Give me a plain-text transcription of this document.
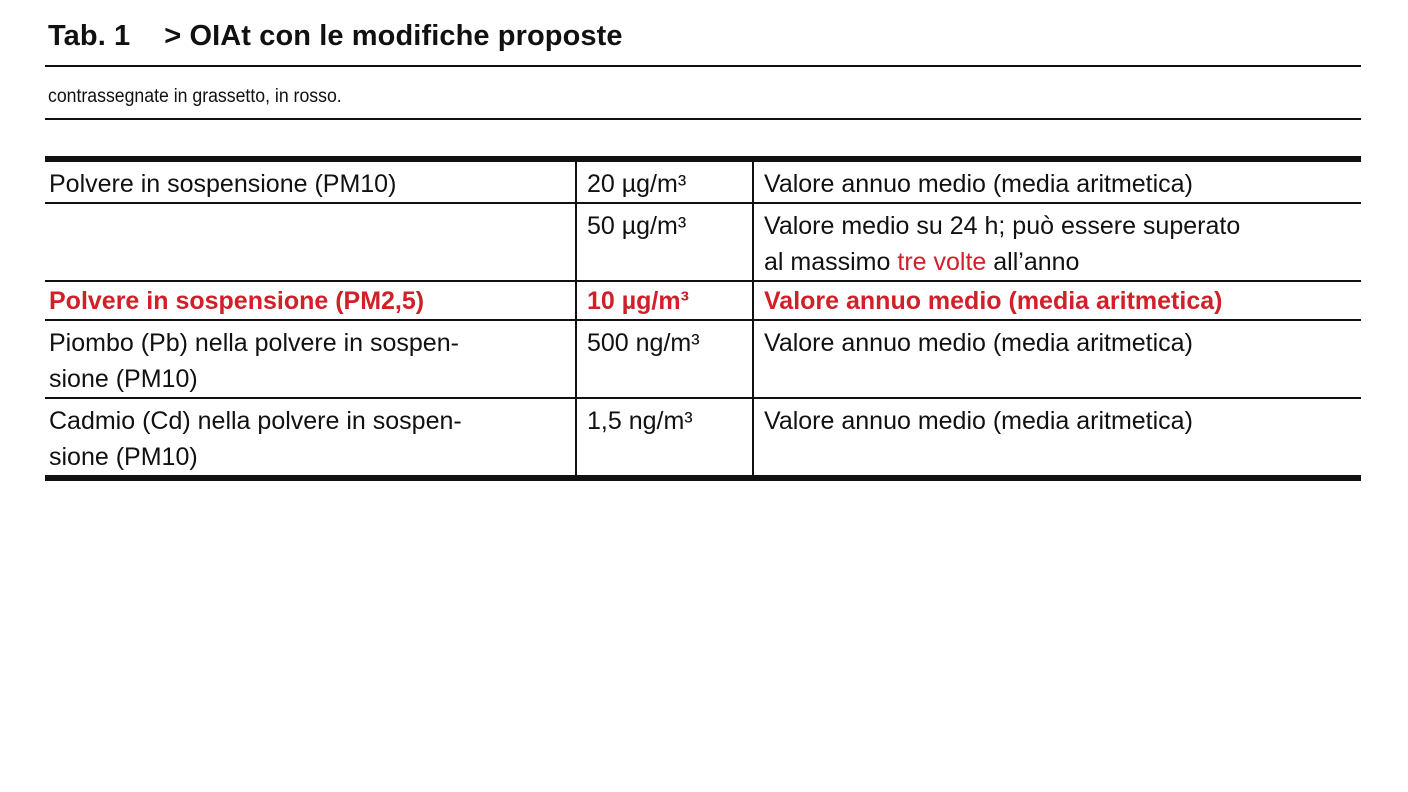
Tab. 1 > OIAt con le modifiche proposte
contrassegnate in grassetto, in rosso.
Polvere in sospensione (PM10)	20 µg/m³	Valore annuo medio (media aritmetica)
	50 µg/m³	Valore medio su 24 h; può essere superato
al massimo tre volte all’anno

Polvere in sospensione (PM2,5)	10 µg/m³	Valore annuo medio (media aritmetica)

Piombo (Pb) nella polvere in sospen-
sione (PM10)	500 ng/m³	Valore annuo medio (media aritmetica)

Cadmio (Cd) nella polvere in sospen-
sione (PM10)	1,5 ng/m³	Valore annuo medio (media aritmetica)
